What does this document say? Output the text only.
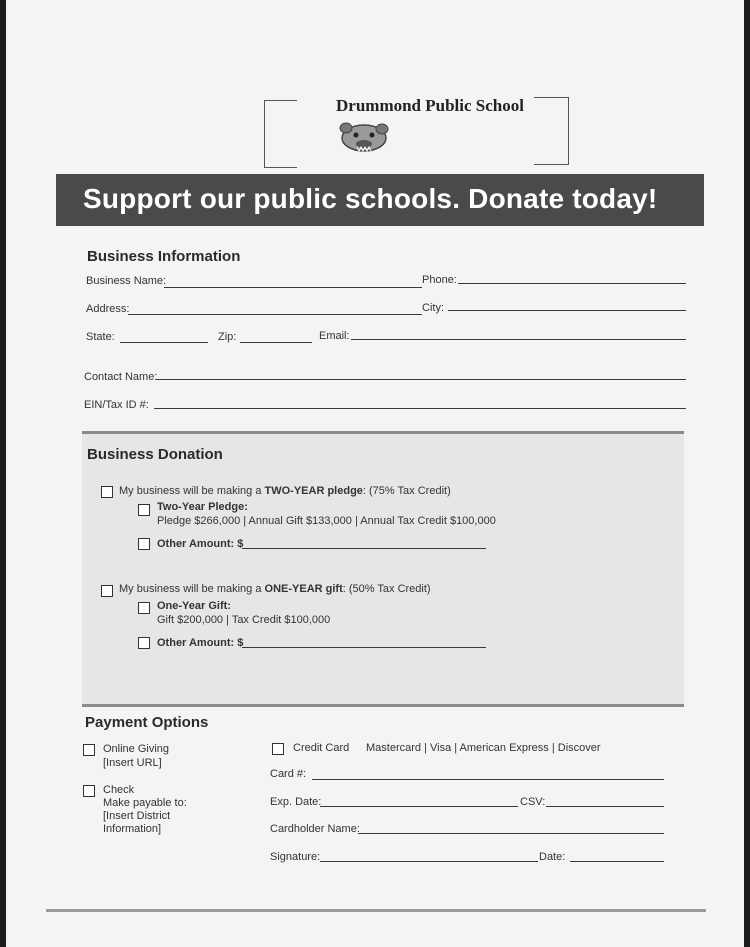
Drummond Public School
Support our public schools. Donate today!
Business Information
Business Name:	Phone:
Address:	City:
State:	Zip:	Email:
Contact Name:
EIN/Tax ID #:
Business Donation
My business will be making a TWO-YEAR pledge: (75% Tax Credit)
Two-Year Pledge:
Pledge $266,000 | Annual Gift $133,000 | Annual Tax Credit $100,000
Other Amount: $
My business will be making a ONE-YEAR gift: (50% Tax Credit)
One-Year Gift:
Gift $200,000 | Tax Credit $100,000
Other Amount: $
Payment Options
Online Giving
[Insert URL]
Check
Make payable to:
[Insert District
Information]
Credit Card Mastercard | Visa | American Express | Discover
Card #:
Exp. Date:	CSV:
Cardholder Name:
Signature:	Date:
